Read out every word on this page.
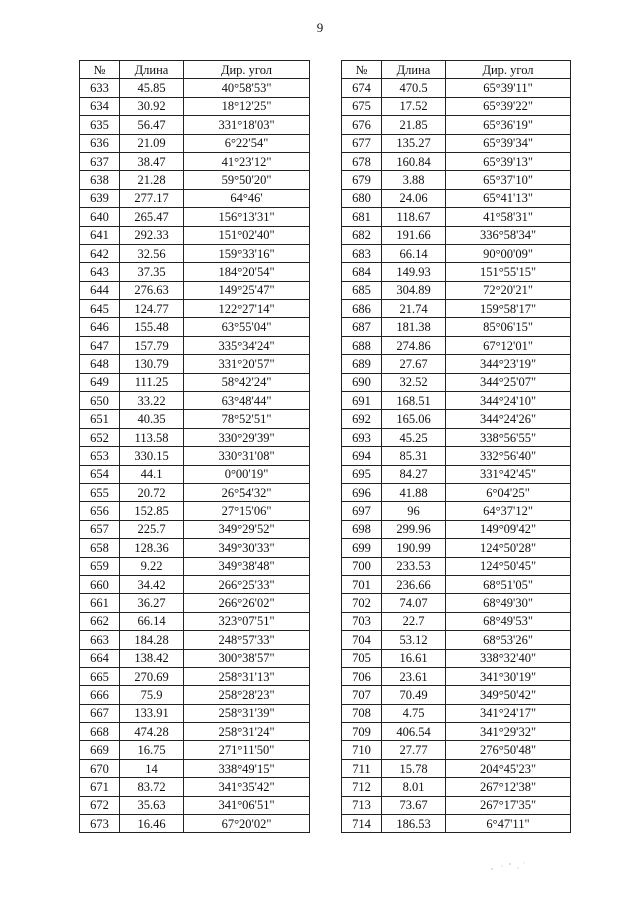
9
№	Длина	Дир. угол
633	45.85	40°58'53"
634	30.92	18°12'25"
635	56.47	331°18'03"
636	21.09	6°22'54"
637	38.47	41°23'12"
638	21.28	59°50'20"
639	277.17	64°46'
640	265.47	156°13'31"
641	292.33	151°02'40"
642	32.56	159°33'16"
643	37.35	184°20'54"
644	276.63	149°25'47"
645	124.77	122°27'14"
646	155.48	63°55'04"
647	157.79	335°34'24"
648	130.79	331°20'57"
649	111.25	58°42'24"
650	33.22	63°48'44"
651	40.35	78°52'51"
652	113.58	330°29'39"
653	330.15	330°31'08"
654	44.1	0°00'19"
655	20.72	26°54'32"
656	152.85	27°15'06"
657	225.7	349°29'52"
658	128.36	349°30'33"
659	9.22	349°38'48"
660	34.42	266°25'33"
661	36.27	266°26'02"
662	66.14	323°07'51"
663	184.28	248°57'33"
664	138.42	300°38'57"
665	270.69	258°31'13"
666	75.9	258°28'23"
667	133.91	258°31'39"
668	474.28	258°31'24"
669	16.75	271°11'50"
670	14	338°49'15"
671	83.72	341°35'42"
672	35.63	341°06'51"
673	16.46	67°20'02"
№	Длина	Дир. угол
674	470.5	65°39'11"
675	17.52	65°39'22"
676	21.85	65°36'19"
677	135.27	65°39'34"
678	160.84	65°39'13"
679	3.88	65°37'10"
680	24.06	65°41'13"
681	118.67	41°58'31"
682	191.66	336°58'34"
683	66.14	90°00'09"
684	149.93	151°55'15"
685	304.89	72°20'21"
686	21.74	159°58'17"
687	181.38	85°06'15"
688	274.86	67°12'01"
689	27.67	344°23'19"
690	32.52	344°25'07"
691	168.51	344°24'10"
692	165.06	344°24'26"
693	45.25	338°56'55"
694	85.31	332°56'40"
695	84.27	331°42'45"
696	41.88	6°04'25"
697	96	64°37'12"
698	299.96	149°09'42"
699	190.99	124°50'28"
700	233.53	124°50'45"
701	236.66	68°51'05"
702	74.07	68°49'30"
703	22.7	68°49'53"
704	53.12	68°53'26"
705	16.61	338°32'40"
706	23.61	341°30'19"
707	70.49	349°50'42"
708	4.75	341°24'17"
709	406.54	341°29'32"
710	27.77	276°50'48"
711	15.78	204°45'23"
712	8.01	267°12'38"
713	73.67	267°17'35"
714	186.53	6°47'11"
